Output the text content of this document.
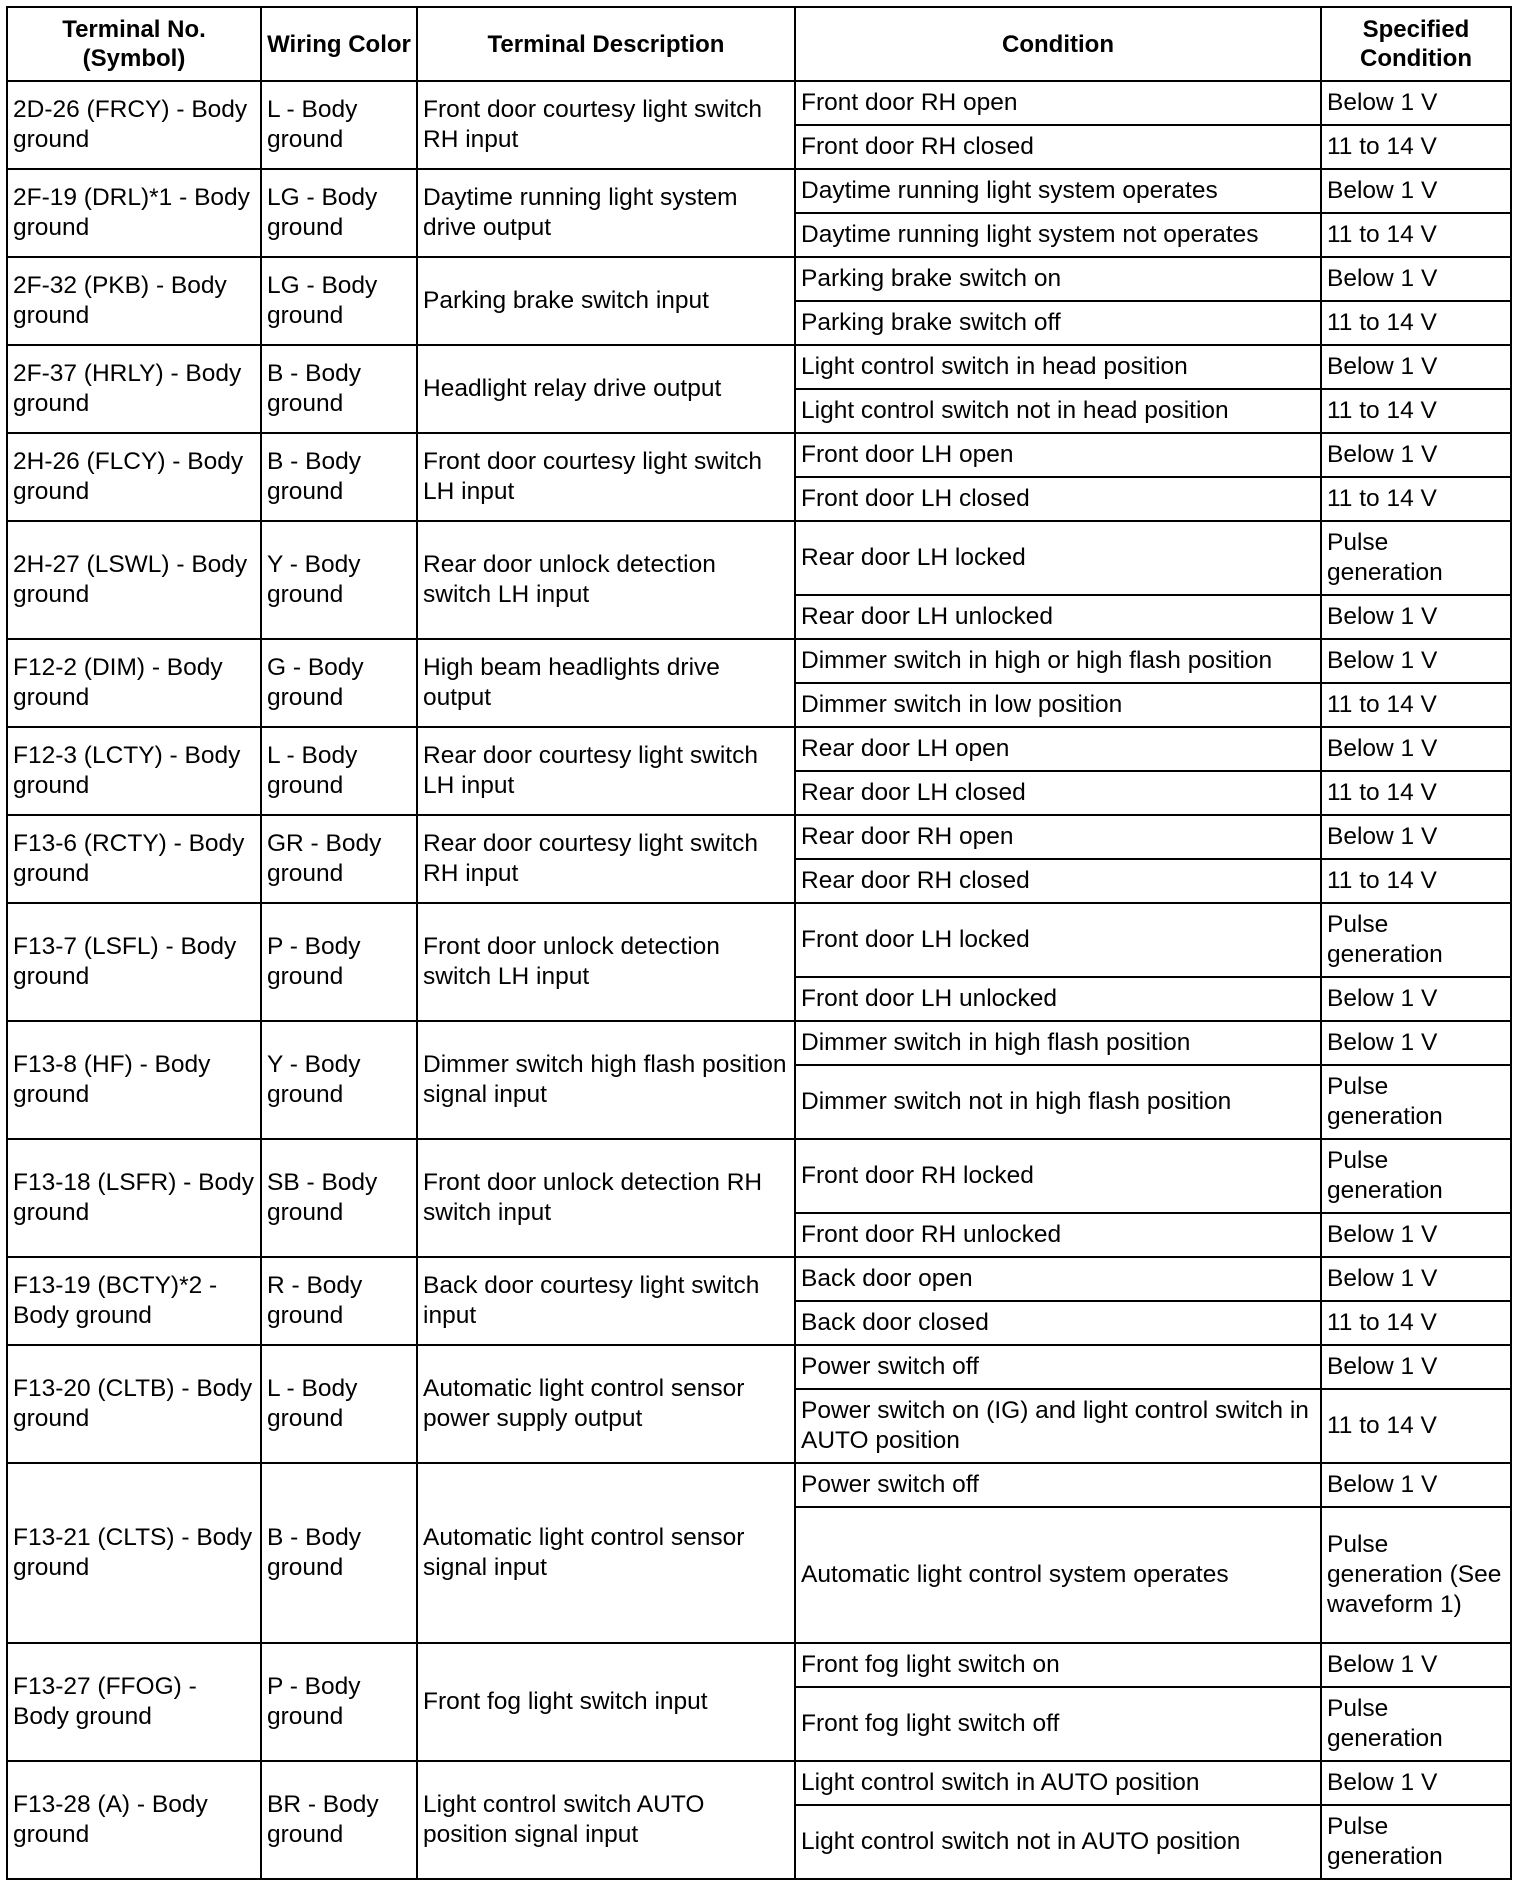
Terminal No. (Symbol)	Wiring Color	Terminal Description	Condition	Specified Condition
2D-26 (FRCY) - Body ground	L - Body ground	Front door courtesy light switch RH input	Front door RH open	Below 1 V
			Front door RH closed	11 to 14 V
2F-19 (DRL)*1 - Body ground	LG - Body ground	Daytime running light system drive output	Daytime running light system operates	Below 1 V
			Daytime running light system not operates	11 to 14 V
2F-32 (PKB) - Body ground	LG - Body ground	Parking brake switch input	Parking brake switch on	Below 1 V
			Parking brake switch off	11 to 14 V
2F-37 (HRLY) - Body ground	B - Body ground	Headlight relay drive output	Light control switch in head position	Below 1 V
			Light control switch not in head position	11 to 14 V
2H-26 (FLCY) - Body ground	B - Body ground	Front door courtesy light switch LH input	Front door LH open	Below 1 V
			Front door LH closed	11 to 14 V
2H-27 (LSWL) - Body ground	Y - Body ground	Rear door unlock detection switch LH input	Rear door LH locked	Pulse generation
			Rear door LH unlocked	Below 1 V
F12-2 (DIM) - Body ground	G - Body ground	High beam headlights drive output	Dimmer switch in high or high flash position	Below 1 V
			Dimmer switch in low position	11 to 14 V
F12-3 (LCTY) - Body ground	L - Body ground	Rear door courtesy light switch LH input	Rear door LH open	Below 1 V
			Rear door LH closed	11 to 14 V
F13-6 (RCTY) - Body ground	GR - Body ground	Rear door courtesy light switch RH input	Rear door RH open	Below 1 V
			Rear door RH closed	11 to 14 V
F13-7 (LSFL) - Body ground	P - Body ground	Front door unlock detection switch LH input	Front door LH locked	Pulse generation
			Front door LH unlocked	Below 1 V
F13-8 (HF) - Body ground	Y - Body ground	Dimmer switch high flash position signal input	Dimmer switch in high flash position	Below 1 V
			Dimmer switch not in high flash position	Pulse generation
F13-18 (LSFR) - Body ground	SB - Body ground	Front door unlock detection RH switch input	Front door RH locked	Pulse generation
			Front door RH unlocked	Below 1 V
F13-19 (BCTY)*2 - Body ground	R - Body ground	Back door courtesy light switch input	Back door open	Below 1 V
			Back door closed	11 to 14 V
F13-20 (CLTB) - Body ground	L - Body ground	Automatic light control sensor power supply output	Power switch off	Below 1 V
			Power switch on (IG) and light control switch in AUTO position	11 to 14 V
F13-21 (CLTS) - Body ground	B - Body ground	Automatic light control sensor signal input	Power switch off	Below 1 V
			Automatic light control system operates	Pulse generation (See waveform 1)
F13-27 (FFOG) - Body ground	P - Body ground	Front fog light switch input	Front fog light switch on	Below 1 V
			Front fog light switch off	Pulse generation
F13-28 (A) - Body ground	BR - Body ground	Light control switch AUTO position signal input	Light control switch in AUTO position	Below 1 V
			Light control switch not in AUTO position	Pulse generation
